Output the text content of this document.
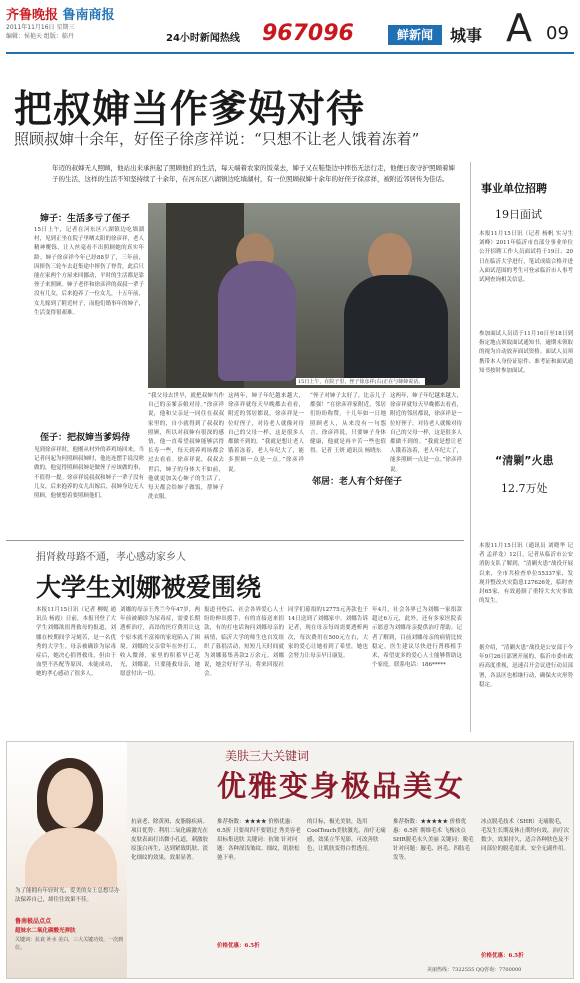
齐鲁晚报 鲁南商报
2011年11月16日 星期三
编辑：侯艳天 组版：临丹	24小时新闻热线 967096	鲜新闻	城事 A 09
把叔婶当作爹妈对待
照顾叔婶十余年，好侄子徐彦祥说：“只想不让老人饿着冻着”

年迈的叔婶无人照顾，他站出来承担起了照顾他们的生活，每天端着农家的饭菜去，婶子又在鞋垫边中摔伤无法行走，他便日夜守护照顾着婶子的生活，这样的生活不知坚持续了十余年，在河东区八湖镇边吃墙湖村，有一位照顾叔婶十余年的好侄子徐彦祥，被附近邻居传为佳话。

婶子：生活多亏了侄子

15日上午，记者在河东区八湖镇边吃墙湖村，见到正坐在院子里晒太阳的徐彦祥，老人精神矍铄，让人丝毫看不出照顾她的真实年龄。婶子徐彦祥今年已经88岁了，三年前，因摔伤三轮车去赶集途中摔伤了脊背，此后只能在家两个方屋来回挪动，平时的生活都是靠侄子来照顾。婶子老伴和徐彦祥的叔叔一辈子没有儿女，后来抱养了一位女儿，十五年前，女儿嫁到了附近村子，而他们婚事年的婶子，生活变得很艰难。

侄子：把叔婶当爹妈待

见到徐彦祥时，他刚从村外的养鸡场回来，当记者问起为何照顾叔婶时，他连连摆手说没啥做的，他觉得照顾叔婶是做侄子应该做的事，不值得一提。徐彦祥说叔叔和婶子一辈子没有儿女，后来抱养的女儿出嫁后，叔婶身边无人照顾，他便想着要照顾他们。

15日上午，在院子里，侄子徐彦祥(右)正在与婶婶说话。

“我父母去世早，就把叔婶当作自己的亲爹亲娘对待。”徐彦祥说，他和父亲是一同住在叔叔家里的，自小就得到了叔叔的照顾，所以对叔婶有很深的感情，他一直希望叔婶能够活得长寿一些，每天到养鸡场都会过去看看。徐彦祥说，叔叔去世后，婶子的身体大不如前，他就更加关心婶子的生活了，每天都会给婶子做饭，帮婶子洗衣服。

这两年，婶子年纪越来越大，徐彦祥就每天早晚都去看看，附近的邻居都说，徐彦祥是一位好侄子，对待老人就像对待自己的父母一样，这是很多人都做不到的。“我就是想让老人饿着冻着，老人年纪大了，能多照顾一点是一点。”徐彦祥说。

邻居：老人有个好侄子

“侄子对婶子太好了，比亲儿子都强！”在徐彦祥家附近，邻居们纷纷称赞。十几年如一日地照顾老人，从来没有一句怨言。徐彦祥说，只要婶子身体健康，他就是再辛苦一些也值得。记者 王妍 通讯员 杨晓东

这两年，婶子年纪越来越大，徐彦祥就每天早晚都去看看，附近的邻居都说，徐彦祥是一位好侄子，对待老人就像对待自己的父母一样，这是很多人都做不到的。“我就是想让老人饿着冻着，老人年纪大了，能多照顾一点是一点。”徐彦祥说。

事业单位招聘
19日面试

本报11月15日讯（记者 杨帆 实习生 刘峰）2011年临沂市直部分事业单位公开招聘工作人员面试将于19日、20日在临沂大学进行，笔试成绩合格并进入面试范围的考生可登录临沂市人事考试网查询相关信息。

参加面试人员请于11月16日至18日到指定地点领取面试通知书，逾期未领取的视为自动放弃面试资格。面试人员须携带本人身份证原件、准考证和面试通知书按时参加面试。

“清剿”火患
12.7万处

本报11月15日讯（通讯员 刘晓华 记者 孟祥龙）12日，记者从临沂市公安消防支队了解到，“清剿火患”战役开展以来，全市共检查单位55337家，发现并整改火灾隐患127626处，临时查封65家，有效遏制了重特大火灾事故的发生。

据介绍，“清剿火患”战役是公安部于今年9月26日部署开展的，临沂市委市政府高度重视，迅速召开会议进行动员部署，各县区也相继行动，确保火灾形势稳定。

捐肾救母路不通，孝心感动家乡人
大学生刘娜被爱围绕

本报11月15日讯（记者 柳妮 通讯员 杨霞）日前，本报刊登了大学生刘娜欲捐肾救母的报道，刘娜在校期间学习刻苦，是一名优秀的大学生。母亲被确诊为尿毒症后，她决心捐肾救母，但由于血型不匹配等原因，未能成功，她的孝心感动了很多人。

刘娜的母亲王秀兰今年47岁，两年前被确诊为尿毒症，需要长期透析治疗，高昂的医疗费用让这个原本就不富裕的家庭陷入了困境。刘娜的父亲常年在外打工，收入微薄，家里的积蓄早已花光，刘娜说，只要能救母亲，她愿意付出一切。

报道刊登后，社会各界爱心人士纷纷伸出援手，有的直接送来捐款，有的打电话询问刘娜母亲的病情，临沂大学的师生也自发组织了募捐活动，短短几天时间就为刘娜募集善款2万余元。刘娜说，她会好好学习，将来回报社会。

同学们募捐的12775元善款也于14日送到了刘娜家中。刘娜告诉记者，现在母亲每周需要透析两次，每次费用在500元左右，大家的爱心让她看到了希望，她也会努力让母亲早日康复。

年4月，社会各界已为刘娜一家捐款超过6万元，此外，还有多家医院表示愿意为刘娜母亲提供治疗帮助。记者了解到，目前刘娜母亲的病情比较稳定，医生建议尽快进行肾移植手术，希望更多的爱心人士能够帮助这个家庭。联系电话：186*****

为了能拥有年轻时光，爱美的女士总想尽办法保养自己，却往往效果不佳。

鲁南极品点点
超妹水二氧化碳酸光弹肤

关键词：抗衰 补水 美白，三大关键功效，一次到位。

美肤三大关键词
优雅变身极品美女

抗衰老、除黄斑、皮脂腺疾病。项目优势：利用二氧化碳激光在皮肤表面打出微小孔道，刺激胶原蛋白再生，达到紧致肌肤、淡化细纹的效果，效果显著。

推荐指数：★★★★ 价格优惠：6.5折 只要周四不要错过 秀美容老眉标集送肤 关键词：抗皱 针对问题：各种深浅皱纹、细纹，肌肤松弛下垂。

价格优惠：6.5折

的目标，极光美肤，选用CoolTouch美肤激光，治疗无痛感，效果立竿见影，可改善肤色，让肌肤变得白皙透亮。

推荐指数：★★★★★ 价格优惠：6.5折 彻维毛术 飞梭冰点SHR脱毛永久美丽 关键词：脱毛 针对问题：腋毛、唇毛、四肢毛发等。

价格优惠：6.5折

冰点脱毛技术（SHR）无痛脱毛，毛发生长期及休止期均有效，治疗次数少，效果持久，适合各种肤色及不同部位的脱毛需求，安全无副作用。

美丽热线：7322555 QQ咨询：7700000
